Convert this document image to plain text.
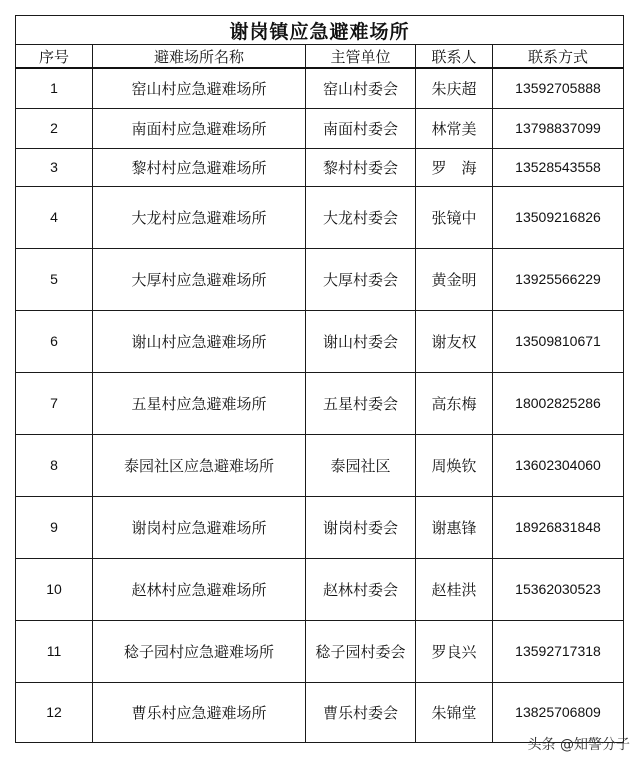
谢岗镇应急避难场所				
序号	避难场所名称	主管单位	联系人	联系方式
1	窑山村应急避难场所	窑山村委会	朱庆超	13592705888
2	南面村应急避难场所	南面村委会	林常美	13798837099
3	黎村村应急避难场所	黎村村委会	罗　海	13528543558
4	大龙村应急避难场所	大龙村委会	张镜中	13509216826
5	大厚村应急避难场所	大厚村委会	黄金明	13925566229
6	谢山村应急避难场所	谢山村委会	谢友权	13509810671
7	五星村应急避难场所	五星村委会	高东梅	18002825286
8	泰园社区应急避难场所	泰园社区	周焕钦	13602304060
9	谢岗村应急避难场所	谢岗村委会	谢惠锋	18926831848
10	赵林村应急避难场所	赵林村委会	赵桂洪	15362030523
11	稔子园村应急避难场所	稔子园村委会	罗良兴	13592717318
12	曹乐村应急避难场所	曹乐村委会	朱锦堂	13825706809
头条 @知警分子
